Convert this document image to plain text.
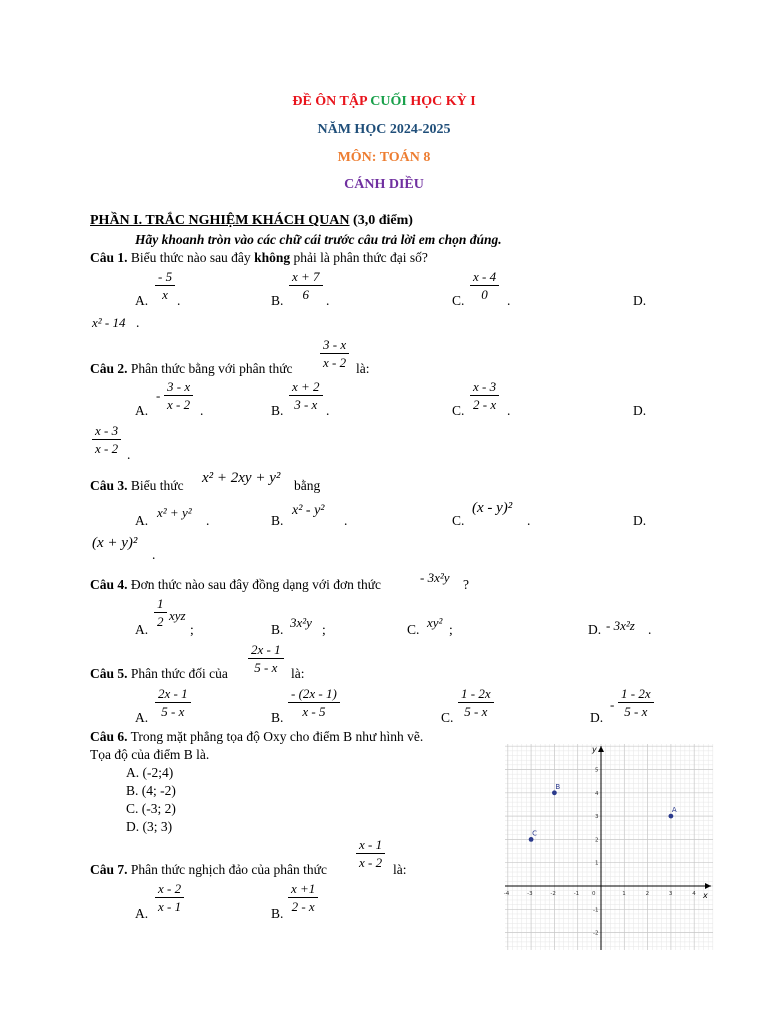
ĐỀ ÔN TẬP CUỐI HỌC KỲ I
NĂM HỌC 2024-2025
MÔN: TOÁN 8
CÁNH DIỀU
PHẦN I. TRẮC NGHIỆM KHÁCH QUAN (3,0 điểm)
Hãy khoanh tròn vào các chữ cái trước câu trả lời em chọn đúng.
Câu 1. Biểu thức nào sau đây không phải là phân thức đại số?
A. $\frac{- 5}{x}$ .	B. $\frac{x + 7}{6}$ .	C. $\frac{x - 4}{0}$ .	D.
x² - 14 .
$\frac{3 - x}{x - 2}$
Câu 2. Phân thức bằng với phân thức	là:
A.
- $\frac{3 - x}{x - 2}$ .	B. $\frac{x + 2}{3 - x}$ .	C. $\frac{x - 3}{2 - x}$ .	D.
$\frac{x - 3}{x - 2}$ .
Câu 3. Biểu thức x² + 2xy + y² bằng
A.
x² + y²
.	B.
x² - y²
.	C.
(x - y)²
.	D.
(x + y)²
.
Câu 4. Đơn thức nào sau đây đồng dạng với đơn thức	- 3x²y ?
A.
$\frac{1}{2}$ xyz
;	B. 3x²y ;	C. xy² ;	D. - 3x²z .
$\frac{2x - 1}{5 - x}$
Câu 5. Phân thức đối của	là:
A. $\frac{2x - 1}{5 - x}$	B. $\frac{- (2x - 1)}{x - 5}$	C. $\frac{1 - 2x}{5 - x}$	D.
- $\frac{1 - 2x}{5 - x}$
Câu 6. Trong mặt phẳng tọa độ Oxy cho điểm B như hình vẽ.
Tọa độ của điểm B là.
A. (-2;4)
B. (4; -2)
C. (-3; 2)
D. (3; 3)
x
y
-4	-3	-2	-1 0	1	2	3	4
5
4
3
2
1
-1
-2
A
B
C
$\frac{x - 1}{x - 2}$
Câu 7. Phân thức nghịch đảo của phân thức	là:
A.
$\frac{x - 2}{x - 1}$
B.
$\frac{x +1}{2 - x}$
